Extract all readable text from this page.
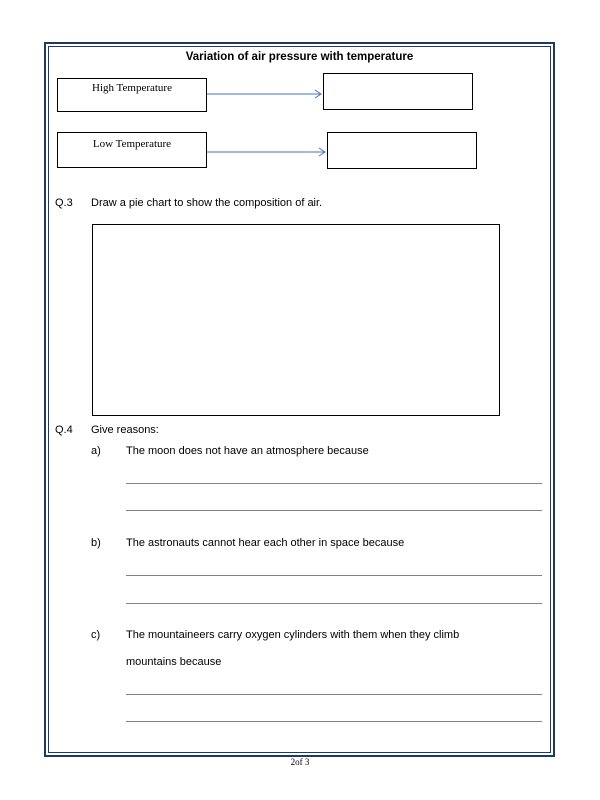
Variation of air pressure with temperature
High Temperature
Low Temperature
Q.3 Draw a pie chart to show the composition of air.
Q.4 Give reasons:
a) The moon does not have an atmosphere because
b) The astronauts cannot hear each other in space because
c) The mountaineers carry oxygen cylinders with them when they climb
mountains because
2of 3
